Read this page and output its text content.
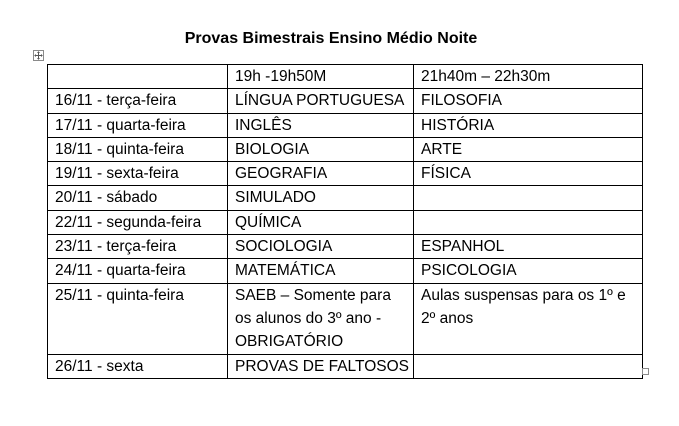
Provas Bimestrais Ensino Médio Noite
	19h -19h50M	21h40m – 22h30m
16/11 - terça-feira	LÍNGUA PORTUGUESA	FILOSOFIA
17/11 - quarta-feira	INGLÊS	HISTÓRIA
18/11 - quinta-feira	BIOLOGIA	ARTE
19/11 - sexta-feira	GEOGRAFIA	FÍSICA
20/11 - sábado	SIMULADO	
22/11 - segunda-feira	QUÍMICA	
23/11 - terça-feira	SOCIOLOGIA	ESPANHOL
24/11 - quarta-feira	MATEMÁTICA	PSICOLOGIA
25/11 - quinta-feira	SAEB – Somente para os alunos do 3º ano - OBRIGATÓRIO	Aulas suspensas para os 1º e 2º anos
26/11 - sexta	PROVAS DE FALTOSOS	
